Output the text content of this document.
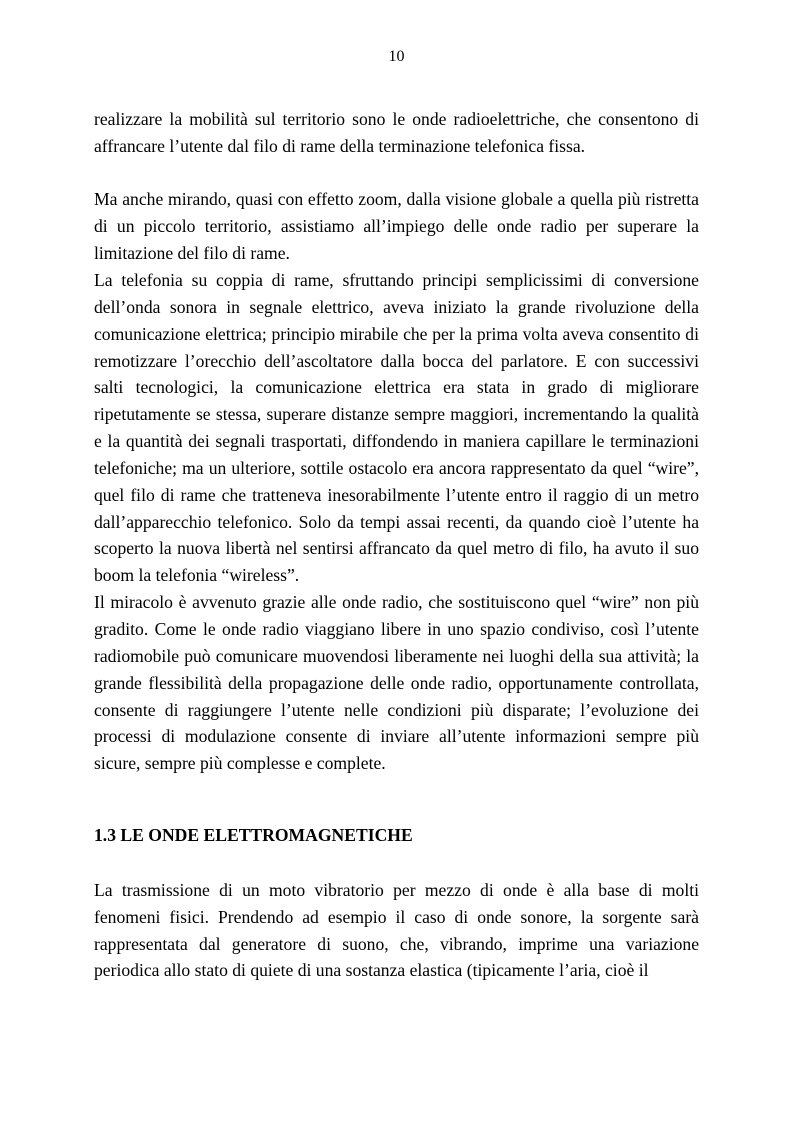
10

realizzare la mobilità sul territorio sono le onde radioelettriche, che consentono di affrancare l’utente dal filo di rame della terminazione telefonica fissa.

Ma anche mirando, quasi con effetto zoom, dalla visione globale a quella più ristretta di un piccolo territorio, assistiamo all’impiego delle onde radio per superare la limitazione del filo di rame.

La telefonia su coppia di rame, sfruttando principi semplicissimi di conversione dell’onda sonora in segnale elettrico, aveva iniziato la grande rivoluzione della comunicazione elettrica; principio mirabile che per la prima volta aveva consentito di remotizzare l’orecchio dell’ascoltatore dalla bocca del parlatore. E con successivi salti tecnologici, la comunicazione elettrica era stata in grado di migliorare ripetutamente se stessa, superare distanze sempre maggiori, incrementando la qualità e la quantità dei segnali trasportati, diffondendo in maniera capillare le terminazioni telefoniche; ma un ulteriore, sottile ostacolo era ancora rappresentato da quel “wire”, quel filo di rame che tratteneva inesorabilmente l’utente entro il raggio di un metro dall’apparecchio telefonico. Solo da tempi assai recenti, da quando cioè l’utente ha scoperto la nuova libertà nel sentirsi affrancato da quel metro di filo, ha avuto il suo boom la telefonia “wireless”.

Il miracolo è avvenuto grazie alle onde radio, che sostituiscono quel “wire” non più gradito. Come le onde radio viaggiano libere in uno spazio condiviso, così l’utente radiomobile può comunicare muovendosi liberamente nei luoghi della sua attività; la grande flessibilità della propagazione delle onde radio, opportunamente controllata, consente di raggiungere l’utente nelle condizioni più disparate; l’evoluzione dei processi di modulazione consente di inviare all’utente informazioni sempre più sicure, sempre più complesse e complete.

1.3 LE ONDE ELETTROMAGNETICHE

La trasmissione di un moto vibratorio per mezzo di onde è alla base di molti fenomeni fisici. Prendendo ad esempio il caso di onde sonore, la sorgente sarà rappresentata dal generatore di suono, che, vibrando, imprime una variazione periodica allo stato di quiete di una sostanza elastica (tipicamente l’aria, cioè il
